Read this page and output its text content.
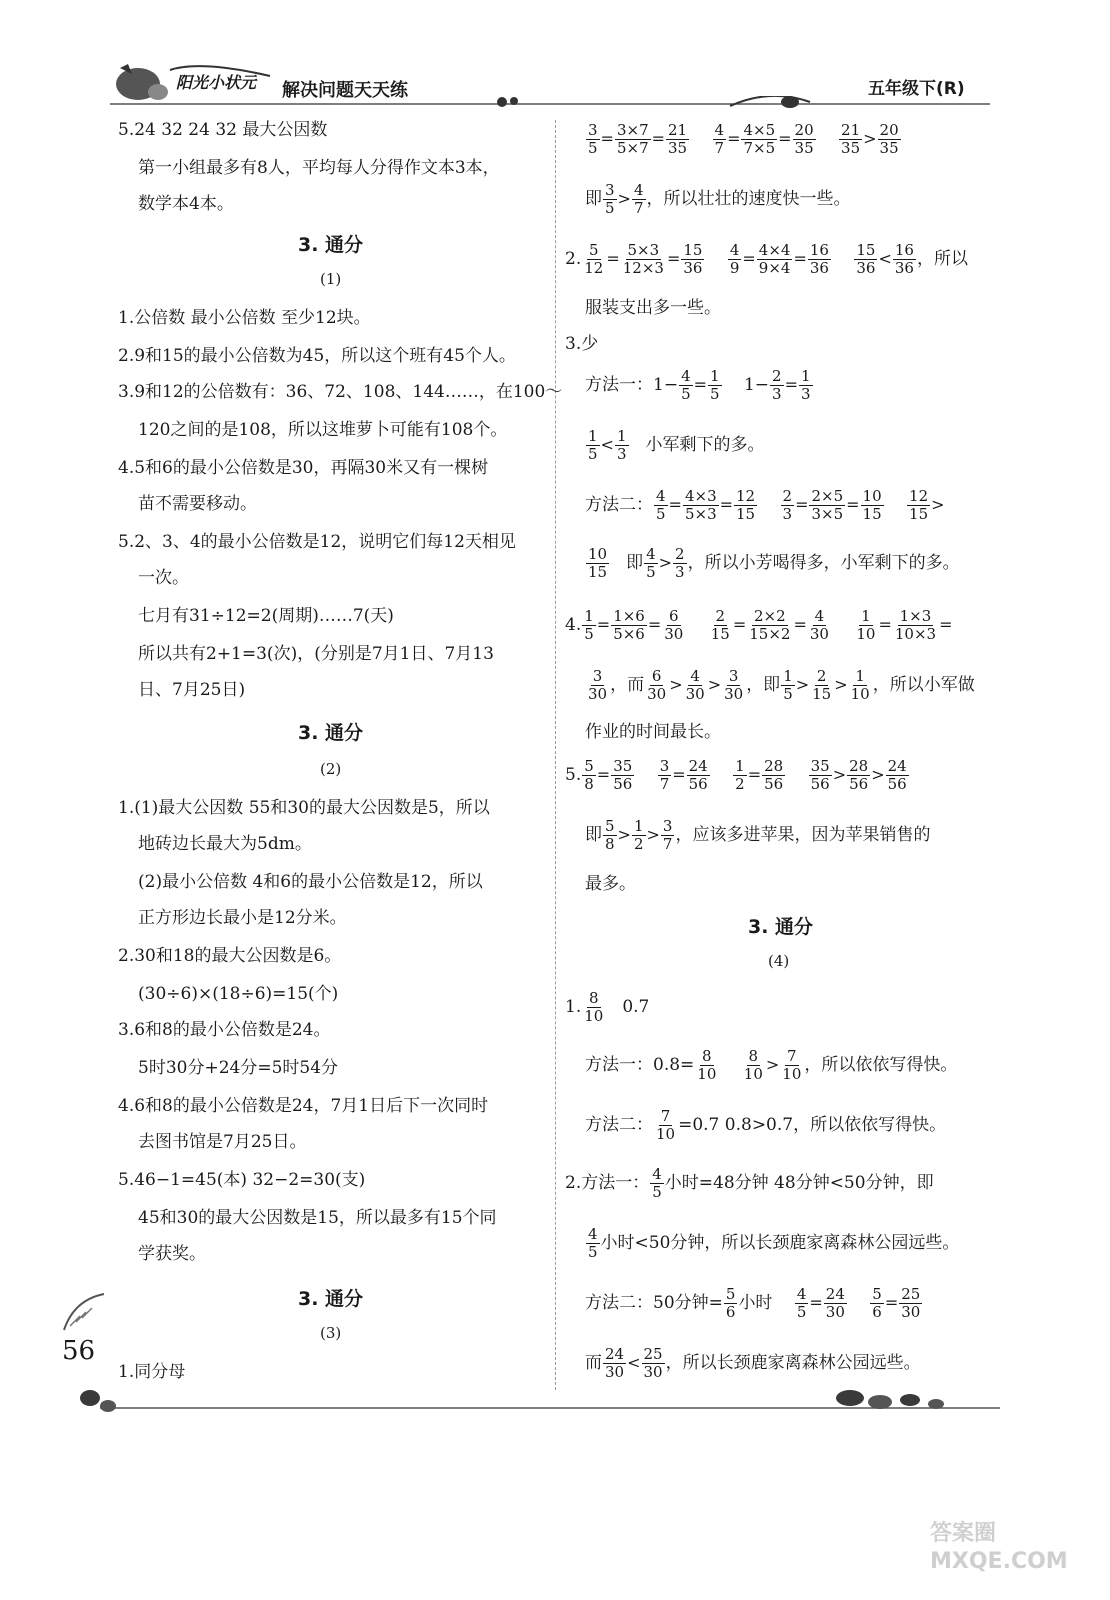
阳光小状元 解决问题天天练	五年级下(R)
5.24 32 24 32 最大公因数
第一小组最多有8人，平均每人分得作文本3本，
数学本4本。
3. 通分
(1)
1.公倍数 最小公倍数 至少12块。
2.9和15的最小公倍数为45，所以这个班有45个人。
3.9和12的公倍数有：36、72、108、144……，在100～
120之间的是108，所以这堆萝卜可能有108个。
4.5和6的最小公倍数是30，再隔30米又有一棵树
苗不需要移动。
5.2、3、4的最小公倍数是12，说明它们每12天相见
一次。
七月有31÷12=2(周期)……7(天)
所以共有2+1=3(次)，(分别是7月1日、7月13
日、7月25日)
3. 通分
(2)
1.(1)最大公因数 55和30的最大公因数是5，所以
地砖边长最大为5dm。
(2)最小公倍数 4和6的最小公倍数是12，所以
正方形边长最小是12分米。
2.30和18的最大公因数是6。
(30÷6)×(18÷6)=15(个)
3.6和8的最小公倍数是24。
5时30分+24分=5时54分
4.6和8的最小公倍数是24，7月1日后下一次同时
去图书馆是7月25日。
5.46−1=45(本) 32−2=30(支)
45和30的最大公因数是15，所以最多有15个同
学获奖。
3. 通分
(3)
1.同分母
56
$\frac{3}{5} = \frac{3\times 7}{5\times 7} = \frac{21}{35}$
$\frac{4}{7} = \frac{4\times 5}{7\times 5} = \frac{20}{35}$
$\frac{21}{35} > \frac{20}{35}$
即 $\frac{3}{5} > \frac{4}{7}$ ，所以壮壮的速度快一些。
2. $\frac{5}{12} = \frac{5\times 3}{12\times 3} = \frac{15}{36}$
$\frac{4}{9} = \frac{4\times 4}{9\times 4} = \frac{16}{36}$
$\frac{15}{36} < \frac{16}{36}$ ，所以
服装支出多一些。
3.少
方法一：$1- \frac{4}{5} = \frac{1}{5} 1- \frac{2}{3} = \frac{1}{3}$
$\frac{1}{5} < \frac{1}{3}$ 小军剩下的多。
方法二： $\frac{4}{5} = \frac{4\times 3}{5\times 3} = \frac{12}{15}$
$\frac{2}{3} = \frac{2\times 5}{3\times 5} = \frac{10}{15}$
$\frac{12}{15}$ >
$\frac{10}{15}$ 即 $\frac{4}{5} > \frac{2}{3}$ ，所以小芳喝得多，小军剩下的多。
4. $\frac{1}{5} = \frac{1\times 6}{5\times 6} = \frac{6}{30}$
$\frac{2}{15} = \frac{2\times 2}{15\times 2} = \frac{4}{30}$
$\frac{1}{10} = \frac{1\times 3}{10\times 3}$ =
$\frac{3}{30}$ ，而 $\frac{6}{30} > \frac{4}{30} > \frac{3}{30}$ ，即 $\frac{1}{5} > \frac{2}{15} > \frac{1}{10}$ ，所以小军做
作业的时间最长。
5. $\frac{5}{8} = \frac{35}{56}$
$\frac{3}{7} = \frac{24}{56}$
$\frac{1}{2} = \frac{28}{56}$
$\frac{35}{56} > \frac{28}{56} > \frac{24}{56}$
即 $\frac{5}{8} > \frac{1}{2} > \frac{3}{7}$ ，应该多进苹果，因为苹果销售的
最多。
3. 通分
(4)
1. $\frac{8}{10} 0.7$
方法一：$0.8= \frac{8}{10}$
$\frac{8}{10} > \frac{7}{10}$ ，所以依依写得快。
方法二： $\frac{7}{10} =0.7$ 0.8>0.7，所以依依写得快。
2.方法一： $\frac{4}{5}$ 小时=48分钟 48分钟<50分钟，即
$\frac{4}{5}$ 小时<50分钟，所以长颈鹿家离森林公园远些。
方法二：50分钟= $\frac{5}{6}$ 小时 $\frac{4}{5} = \frac{24}{30}$
$\frac{5}{6} = \frac{25}{30}$
而 $\frac{24}{30} < \frac{25}{30}$ ，所以长颈鹿家离森林公园远些。
答案圈 MXQE.COM
